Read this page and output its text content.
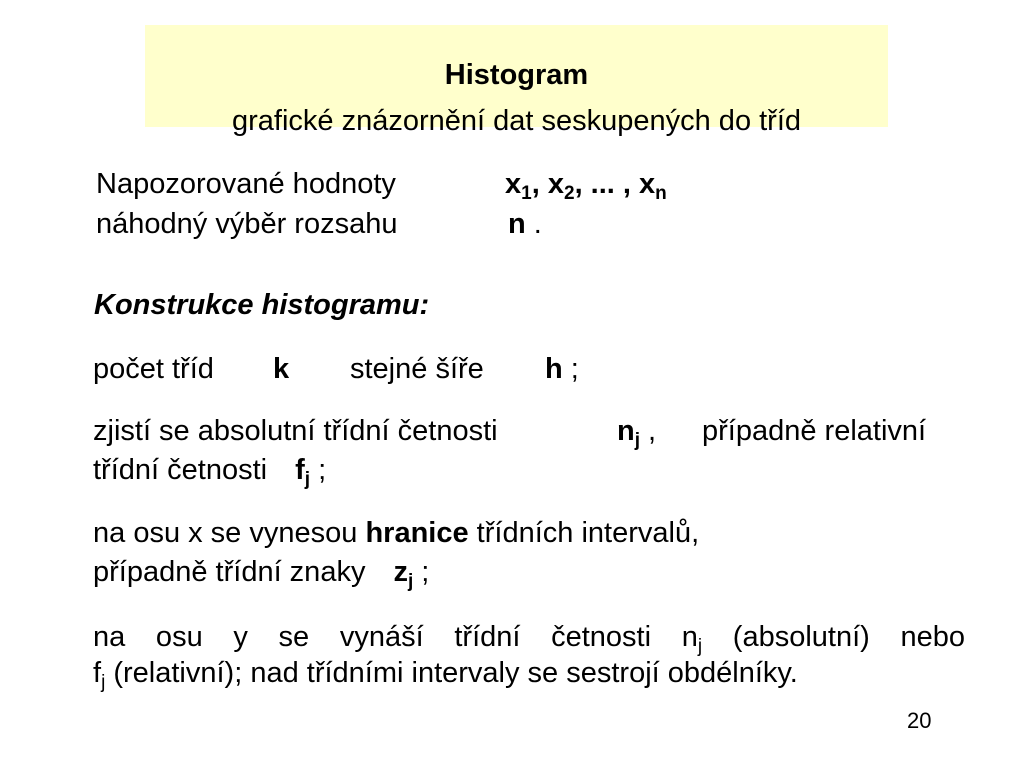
Histogram
grafické znázornění dat seskupených do tříd
Napozorované hodnoty	$x_1$, $x_2$, ... , $x_n$
náhodný výběr rozsahu	n .
Konstrukce histogramu:
počet tříd k stejné šíře h ;
zjistí se absolutní třídní četnosti	$n_j$ , případně relativní
třídní četnosti $f_j$ ;
na osu x se vynesou hranice třídních intervalů,
případně třídní znaky $z_j$ ;
na osu y se vynáší třídní četnosti $n_j$ (absolutní) nebo
$f_j$ (relativní); nad třídními intervaly se sestrojí obdélníky.
20
